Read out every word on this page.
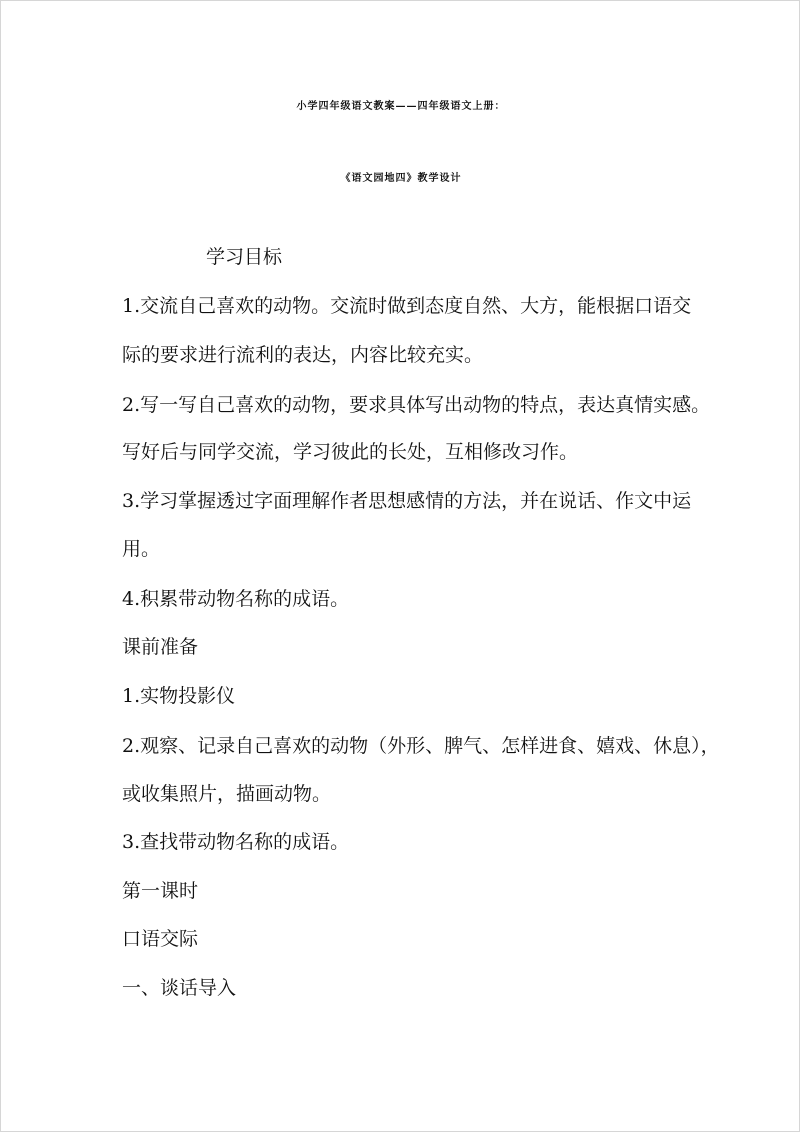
小学四年级语文教案——四年级语文上册：
《语文园地四》教学设计
学习目标
1.交流自己喜欢的动物。交流时做到态度自然、大方，能根据口语交
际的要求进行流利的表达，内容比较充实。
2.写一写自己喜欢的动物，要求具体写出动物的特点，表达真情实感。
写好后与同学交流，学习彼此的长处，互相修改习作。
3.学习掌握透过字面理解作者思想感情的方法，并在说话、作文中运
用。
4.积累带动物名称的成语。
课前准备
1.实物投影仪
2.观察、记录自己喜欢的动物（外形、脾气、怎样进食、嬉戏、休息），
或收集照片，描画动物。
3.查找带动物名称的成语。
第一课时
口语交际
一、谈话导入
